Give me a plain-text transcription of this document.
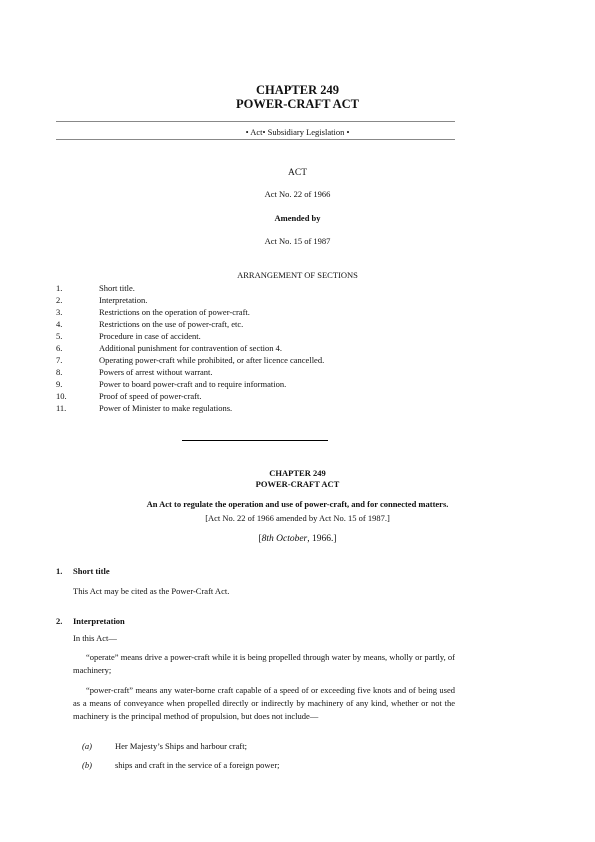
CHAPTER 249
POWER-CRAFT ACT
• Act• Subsidiary Legislation •
ACT
Act No. 22 of 1966
Amended by
Act No. 15 of 1987
ARRANGEMENT OF SECTIONS
1.	Short title.
2.	Interpretation.
3.	Restrictions on the operation of power-craft.
4.	Restrictions on the use of power-craft, etc.
5.	Procedure in case of accident.
6.	Additional punishment for contravention of section 4.
7.	Operating power-craft while prohibited, or after licence cancelled.
8.	Powers of arrest without warrant.
9.	Power to board power-craft and to require information.
10.	Proof of speed of power-craft.
11.	Power of Minister to make regulations.
CHAPTER 249
POWER-CRAFT ACT
An Act to regulate the operation and use of power-craft, and for connected matters.
[Act No. 22 of 1966 amended by Act No. 15 of 1987.]
[8th October, 1966.]
1. Short title
This Act may be cited as the Power-Craft Act.
2. Interpretation
In this Act—
“operate” means drive a power-craft while it is being propelled through water by means, wholly or partly, of machinery;
“power-craft” means any water-borne craft capable of a speed of or exceeding five knots and of being used as a means of conveyance when propelled directly or indirectly by machinery of any kind, whether or not the machinery is the principal method of propulsion, but does not include—
(a)	Her Majesty’s Ships and harbour craft;
(b)	ships and craft in the service of a foreign power;
